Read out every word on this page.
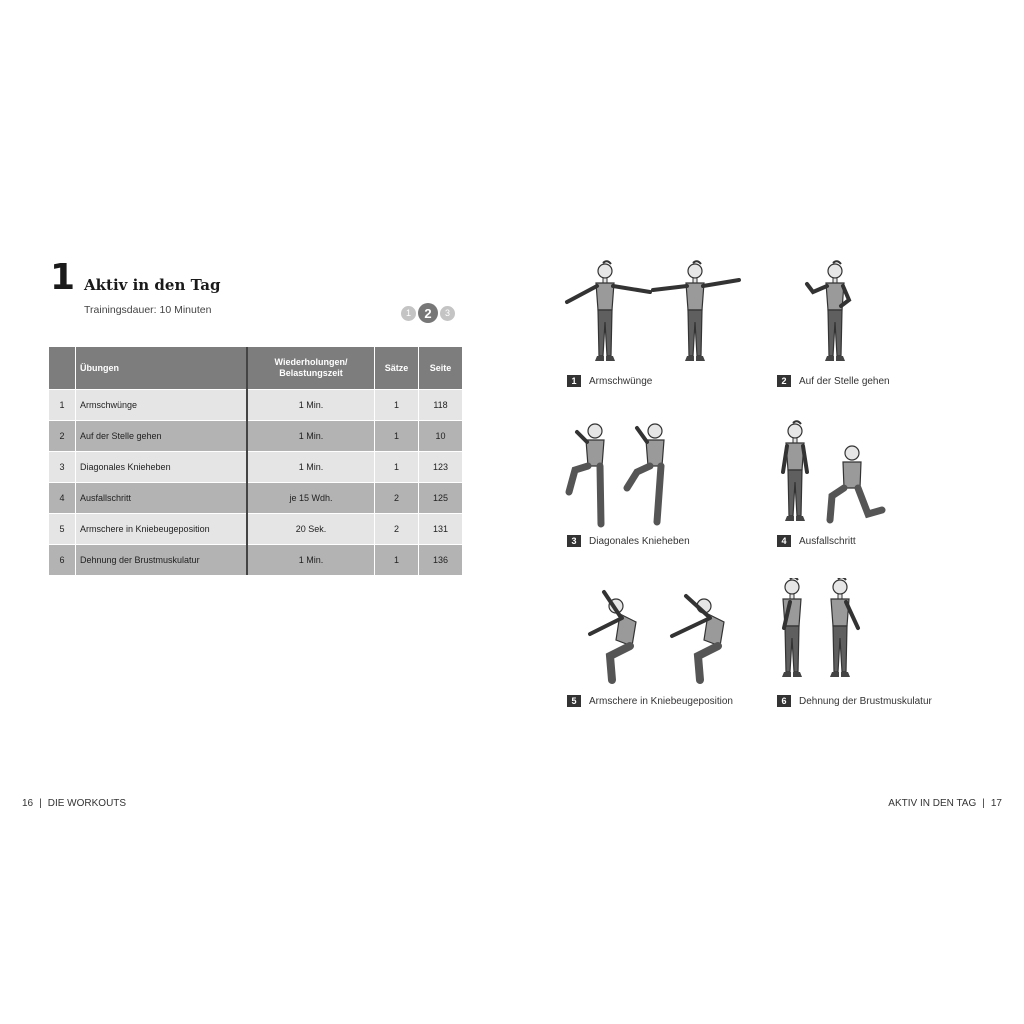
1 Aktiv in den Tag
Trainingsdauer: 10 Minuten	1	2	3
	Übungen	Wiederholungen/
Belastungszeit	Sätze	Seite
1	Armschwünge	1 Min.	1	118
2	Auf der Stelle gehen	1 Min.	1	10
3	Diagonales Knieheben	1 Min.	1	123
4	Ausfallschritt	je 15 Wdh.	2	125
5	Armschere in Kniebeugeposition	20 Sek.	2	131
6	Dehnung der Brustmuskulatur	1 Min.	1	136
1	Armschwünge	2	Auf der Stelle gehen
3	Diagonales Knieheben	4	Ausfallschritt
5	Armschere in Kniebeugeposition	6	Dehnung der Brustmuskulatur
16 | DIE WORKOUTS	AKTIV IN DEN TAG | 17
